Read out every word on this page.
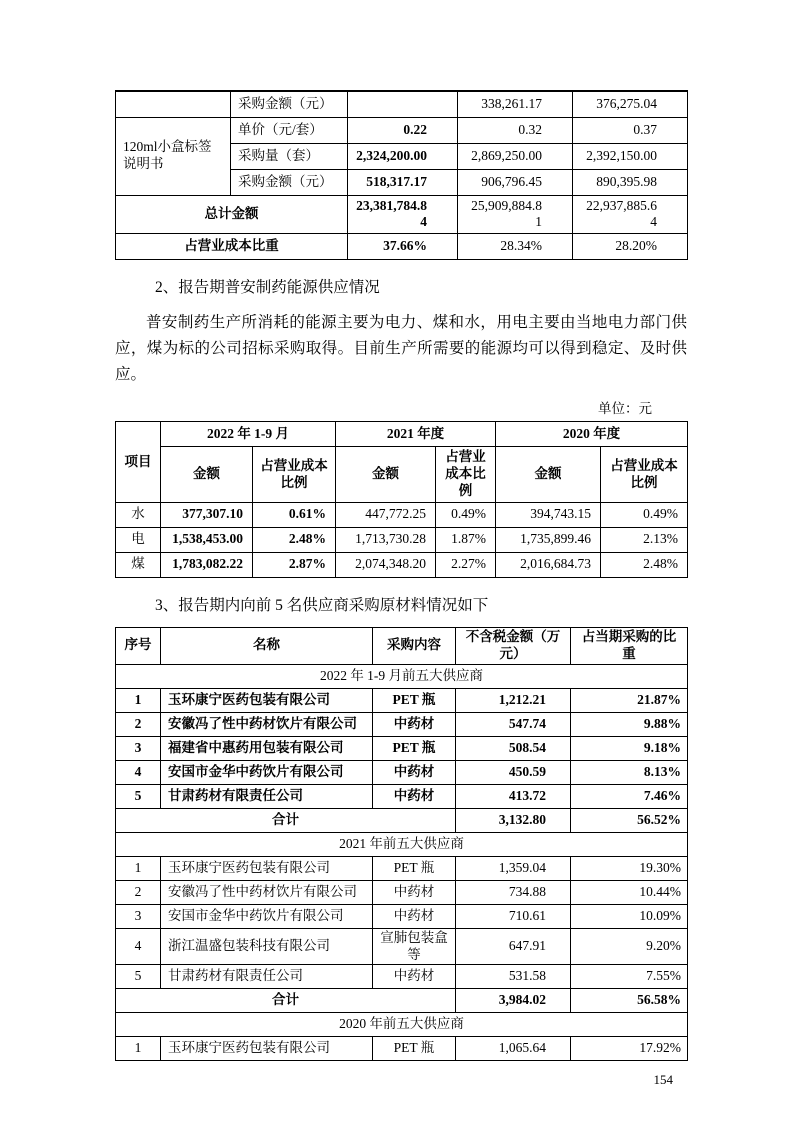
	采购金额（元）		338,261.17	376,275.04
120ml小盒标签说明书	单价（元/套）	0.22	0.32	0.37
	采购量（套）	2,324,200.00	2,869,250.00	2,392,150.00
	采购金额（元）	518,317.17	906,796.45	890,395.98
总计金额		23,381,784.84	25,909,884.81	22,937,885.64
占营业成本比重		37.66%	28.34%	28.20%
2、报告期普安制药能源供应情况
普安制药生产所消耗的能源主要为电力、煤和水，用电主要由当地电力部门供应，煤为标的公司招标采购取得。目前生产所需要的能源均可以得到稳定、及时供应。
单位：元
项目	2022 年 1-9 月		2021 年度		2020 年度	
	金额	占营业成本比例	金额	占营业成本比例	金额	占营业成本比例
水	377,307.10	0.61%	447,772.25	0.49%	394,743.15	0.49%
电	1,538,453.00	2.48%	1,713,730.28	1.87%	1,735,899.46	2.13%
煤	1,783,082.22	2.87%	2,074,348.20	2.27%	2,016,684.73	2.48%
3、报告期内向前 5 名供应商采购原材料情况如下
序号	名称	采购内容	不含税金额（万元）	占当期采购的比重
2022 年 1-9 月前五大供应商				
1	玉环康宁医药包装有限公司	PET 瓶	1,212.21	21.87%
2	安徽冯了性中药材饮片有限公司	中药材	547.74	9.88%
3	福建省中惠药用包装有限公司	PET 瓶	508.54	9.18%
4	安国市金华中药饮片有限公司	中药材	450.59	8.13%
5	甘肃药材有限责任公司	中药材	413.72	7.46%
合计			3,132.80	56.52%
2021 年前五大供应商				
1	玉环康宁医药包装有限公司	PET 瓶	1,359.04	19.30%
2	安徽冯了性中药材饮片有限公司	中药材	734.88	10.44%
3	安国市金华中药饮片有限公司	中药材	710.61	10.09%
4	浙江温盛包装科技有限公司	宣肺包装盒等	647.91	9.20%
5	甘肃药材有限责任公司	中药材	531.58	7.55%
合计			3,984.02	56.58%
2020 年前五大供应商				
1	玉环康宁医药包装有限公司	PET 瓶	1,065.64	17.92%
154
